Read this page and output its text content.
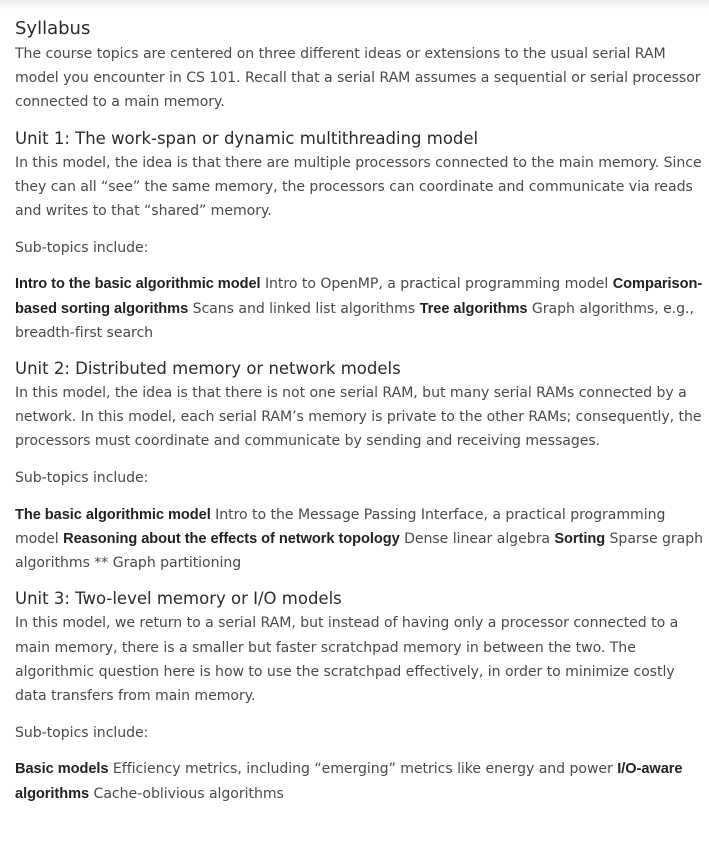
Syllabus

The course topics are centered on three different ideas or extensions to the usual serial RAM model you encounter in CS 101. Recall that a serial RAM assumes a sequential or serial processor connected to a main memory.

Unit 1: The work-span or dynamic multithreading model

In this model, the idea is that there are multiple processors connected to the main memory. Since they can all “see” the same memory, the processors can coordinate and communicate via reads and writes to that “shared” memory.

Sub-topics include:

Intro to the basic algorithmic model Intro to OpenMP, a practical programming model Comparison-based sorting algorithms Scans and linked list algorithms Tree algorithms Graph algorithms, e.g., breadth-first search

Unit 2: Distributed memory or network models

In this model, the idea is that there is not one serial RAM, but many serial RAMs connected by a network. In this model, each serial RAM’s memory is private to the other RAMs; consequently, the processors must coordinate and communicate by sending and receiving messages.

Sub-topics include:

The basic algorithmic model Intro to the Message Passing Interface, a practical programming model Reasoning about the effects of network topology Dense linear algebra Sorting Sparse graph algorithms ** Graph partitioning

Unit 3: Two-level memory or I/O models

In this model, we return to a serial RAM, but instead of having only a processor connected to a main memory, there is a smaller but faster scratchpad memory in between the two. The algorithmic question here is how to use the scratchpad effectively, in order to minimize costly data transfers from main memory.

Sub-topics include:

Basic models Efficiency metrics, including “emerging” metrics like energy and power I/O-aware algorithms Cache-oblivious algorithms
